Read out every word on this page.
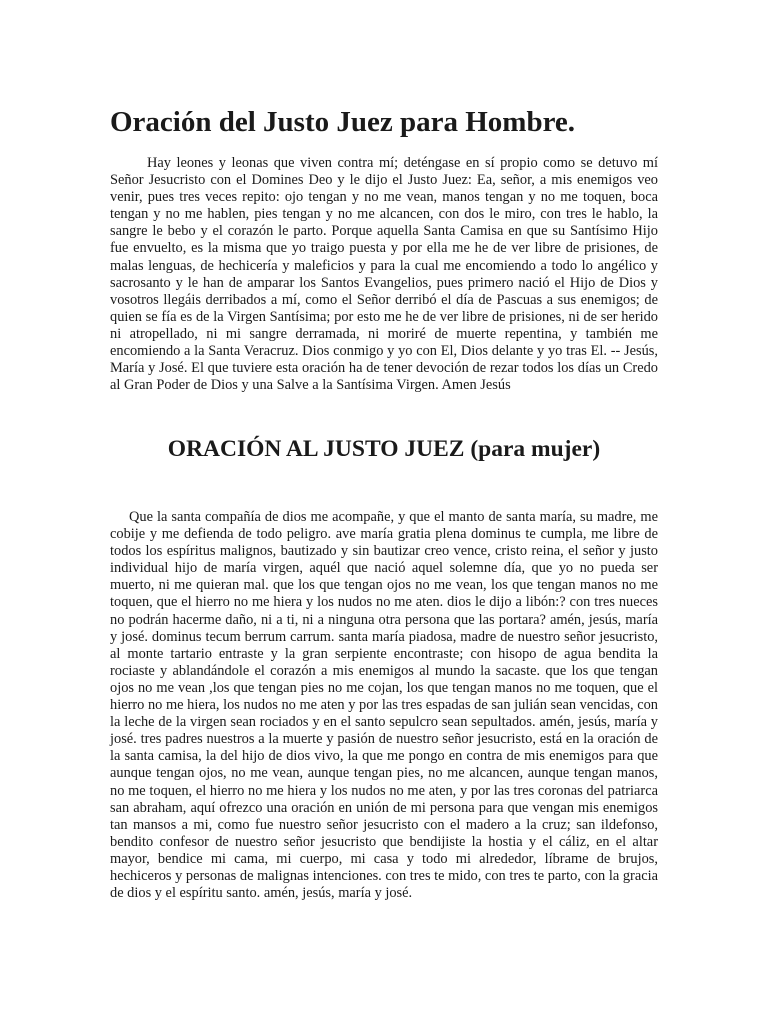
Oración del Justo Juez para Hombre.

Hay leones y leonas que viven contra mí; deténgase en sí propio como se detuvo mí Señor Jesucristo con el Domines Deo y le dijo el Justo Juez: Ea, señor, a mis enemigos veo venir, pues tres veces repito: ojo tengan y no me vean, manos tengan y no me toquen, boca tengan y no me hablen, pies tengan y no me alcancen, con dos le miro, con tres le hablo, la sangre le bebo y el corazón le parto. Porque aquella Santa Camisa en que su Santísimo Hijo fue envuelto, es la misma que yo traigo puesta y por ella me he de ver libre de prisiones, de malas lenguas, de hechicería y maleficios y para la cual me encomiendo a todo lo angélico y sacrosanto y le han de amparar los Santos Evangelios, pues primero nació el Hijo de Dios y vosotros llegáis derribados a mí, como el Señor derribó el día de Pascuas a sus enemigos; de quien se fía es de la Virgen Santísima; por esto me he de ver libre de prisiones, ni de ser herido ni atropellado, ni mi sangre derramada, ni moriré de muerte repentina, y también me encomiendo a la Santa Veracruz. Dios conmigo y yo con El, Dios delante y yo tras El. -- Jesús, María y José. El que tuviere esta oración ha de tener devoción de rezar todos los días un Credo al Gran Poder de Dios y una Salve a la Santísima Virgen. Amen Jesús

ORACIÓN AL JUSTO JUEZ (para mujer)

Que la santa compañía de dios me acompañe, y que el manto de santa maría, su madre, me cobije y me defienda de todo peligro. ave maría gratia plena dominus te cumpla, me libre de todos los espíritus malignos, bautizado y sin bautizar creo vence, cristo reina, el señor y justo individual hijo de maría virgen, aquél que nació aquel solemne día, que yo no pueda ser muerto, ni me quieran mal. que los que tengan ojos no me vean, los que tengan manos no me toquen, que el hierro no me hiera y los nudos no me aten. dios le dijo a libón:? con tres nueces no podrán hacerme daño, ni a ti, ni a ninguna otra persona que las portara? amén, jesús, maría y josé. dominus tecum berrum carrum. santa maría piadosa, madre de nuestro señor jesucristo, al monte tartario entraste y la gran serpiente encontraste; con hisopo de agua bendita la rociaste y ablandándole el corazón a mis enemigos al mundo la sacaste. que los que tengan ojos no me vean ,los que tengan pies no me cojan, los que tengan manos no me toquen, que el hierro no me hiera, los nudos no me aten y por las tres espadas de san julián sean vencidas, con la leche de la virgen sean rociados y en el santo sepulcro sean sepultados. amén, jesús, maría y josé. tres padres nuestros a la muerte y pasión de nuestro señor jesucristo, está en la oración de la santa camisa, la del hijo de dios vivo, la que me pongo en contra de mis enemigos para que aunque tengan ojos, no me vean, aunque tengan pies, no me alcancen, aunque tengan manos, no me toquen, el hierro no me hiera y los nudos no me aten, y por las tres coronas del patriarca san abraham, aquí ofrezco una oración en unión de mi persona para que vengan mis enemigos tan mansos a mi, como fue nuestro señor jesucristo con el madero a la cruz; san ildefonso, bendito confesor de nuestro señor jesucristo que bendijiste la hostia y el cáliz, en el altar mayor, bendice mi cama, mi cuerpo, mi casa y todo mi alrededor, líbrame de brujos, hechiceros y personas de malignas intenciones. con tres te mido, con tres te parto, con la gracia de dios y el espíritu santo. amén, jesús, maría y josé.
